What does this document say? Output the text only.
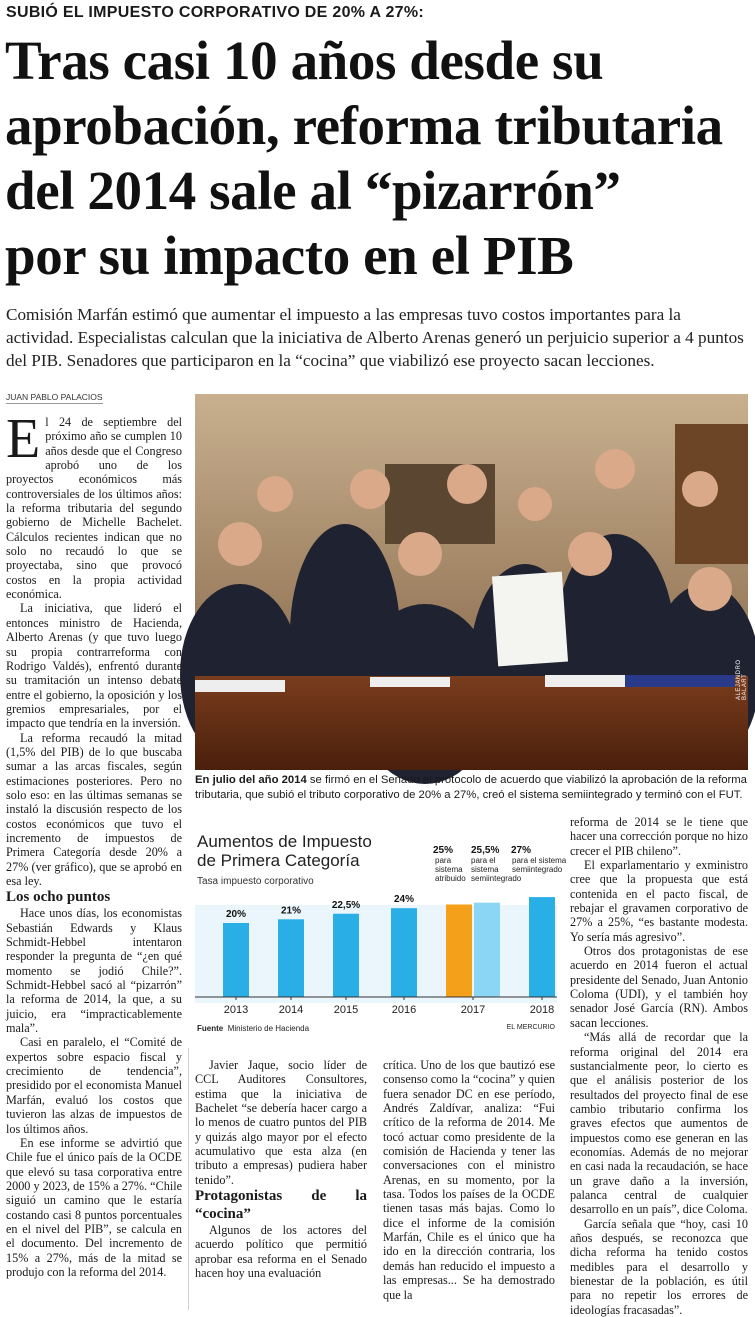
SUBIÓ EL IMPUESTO CORPORATIVO DE 20% A 27%:
Tras casi 10 años desde su
aprobación, reforma tributaria
del 2014 sale al “pizarrón”
por su impacto en el PIB
Comisión Marfán estimó que aumentar el impuesto a las empresas tuvo costos importantes para la actividad. Especialistas calculan que la iniciativa de Alberto Arenas generó un perjuicio superior a 4 puntos del PIB. Senadores que participaron en la “cocina” que viabilizó ese proyecto sacan lecciones.
JUAN PABLO PALACIOS
ALEJANDRO BALART
En julio del año 2014 se firmó en el Senado el protocolo de acuerdo que viabilizó la aprobación de la reforma tributaria, que subió el tributo corporativo de 20% a 27%, creó el sistema semiintegrado y terminó con el FUT.

El 24 de septiembre del próximo año se cumplen 10 años desde que el Congreso aprobó uno de los proyectos económicos más controversiales de los últimos años: la reforma tributaria del segundo gobierno de Michelle Bachelet. Cálculos recientes indican que no solo no recaudó lo que se proyectaba, sino que provocó costos en la propia actividad económica.

La iniciativa, que lideró el entonces ministro de Hacienda, Alberto Arenas (y que tuvo luego su propia contrarreforma con Rodrigo Valdés), enfrentó durante su tramitación un intenso debate entre el gobierno, la oposición y los gremios empresariales, por el impacto que tendría en la inversión.

La reforma recaudó la mitad (1,5% del PIB) de lo que buscaba sumar a las arcas fiscales, según estimaciones posteriores. Pero no solo eso: en las últimas semanas se instaló la discusión respecto de los costos económicos que tuvo el incremento de impuestos de Primera Categoría desde 20% a 27% (ver gráfico), que se aprobó en esa ley.

Los ocho puntos

Hace unos días, los economistas Sebastián Edwards y Klaus Schmidt-Hebbel intentaron responder la pregunta de “¿en qué momento se jodió Chile?”. Schmidt-Hebbel sacó al “pizarrón” la reforma de 2014, la que, a su juicio, era “impracticablemente mala”.

Casi en paralelo, el “Comité de expertos sobre espacio fiscal y crecimiento de tendencia”, presidido por el economista Manuel Marfán, evaluó los costos que tuvieron las alzas de impuestos de los últimos años.

En ese informe se advirtió que Chile fue el único país de la OCDE que elevó su tasa corporativa entre 2000 y 2023, de 15% a 27%. “Chile siguió un camino que le estaría costando casi 8 puntos porcentuales en el nivel del PIB”, se calcula en el documento. Del incremento de 15% a 27%, más de la mitad se produjo con la reforma del 2014.

Javier Jaque, socio líder de CCL Auditores Consultores, estima que la iniciativa de Bachelet “se debería hacer cargo a lo menos de cuatro puntos del PIB y quizás algo mayor por el efecto acumulativo que esta alza (en tributo a empresas) pudiera haber tenido”.

Protagonistas de la “cocina”

Algunos de los actores del acuerdo político que permitió aprobar esa reforma en el Senado hacen hoy una evaluación

crítica. Uno de los que bautizó ese consenso como la “cocina” y quien fuera senador DC en ese período, Andrés Zaldívar, analiza: “Fui crítico de la reforma de 2014. Me tocó actuar como presidente de la comisión de Hacienda y tener las conversaciones con el ministro Arenas, en su momento, por la tasa. Todos los países de la OCDE tienen tasas más bajas. Como lo dice el informe de la comisión Marfán, Chile es el único que ha ido en la dirección contraria, los demás han reducido el impuesto a las empresas... Se ha demostrado que la

reforma de 2014 se le tiene que hacer una corrección porque no hizo crecer el PIB chileno”.

El exparlamentario y exministro cree que la propuesta que está contenida en el pacto fiscal, de rebajar el gravamen corporativo de 27% a 25%, “es bastante modesta. Yo sería más agresivo”.

Otros dos protagonistas de ese acuerdo en 2014 fueron el actual presidente del Senado, Juan Antonio Coloma (UDI), y el también hoy senador José García (RN). Ambos sacan lecciones.

“Más allá de recordar que la reforma original del 2014 era sustancialmente peor, lo cierto es que el análisis posterior de los resultados del proyecto final de ese cambio tributario confirma los graves efectos que aumentos de impuestos como ese generan en las economías. Además de no mejorar en casi nada la recaudación, se hace un grave daño a la inversión, palanca central de cualquier desarrollo en un país”, dice Coloma.

García señala que “hoy, casi 10 años después, se reconozca que dicha reforma ha tenido costos medibles para el desarrollo y bienestar de la población, es útil para no repetir los errores de ideologías fracasadas”.

Aumentos de Impuesto
de Primera Categoría
Tasa impuesto corporativo
20%	21%
22,5%
24%
25%
para
sistema
atribuido
25,5%
para el
sistema
semiintegrado
27%
para el sistema
semiintegrado
2013	2014	2015	2016	2017	2018
Fuente Ministerio de Hacienda	EL MERCURIO
